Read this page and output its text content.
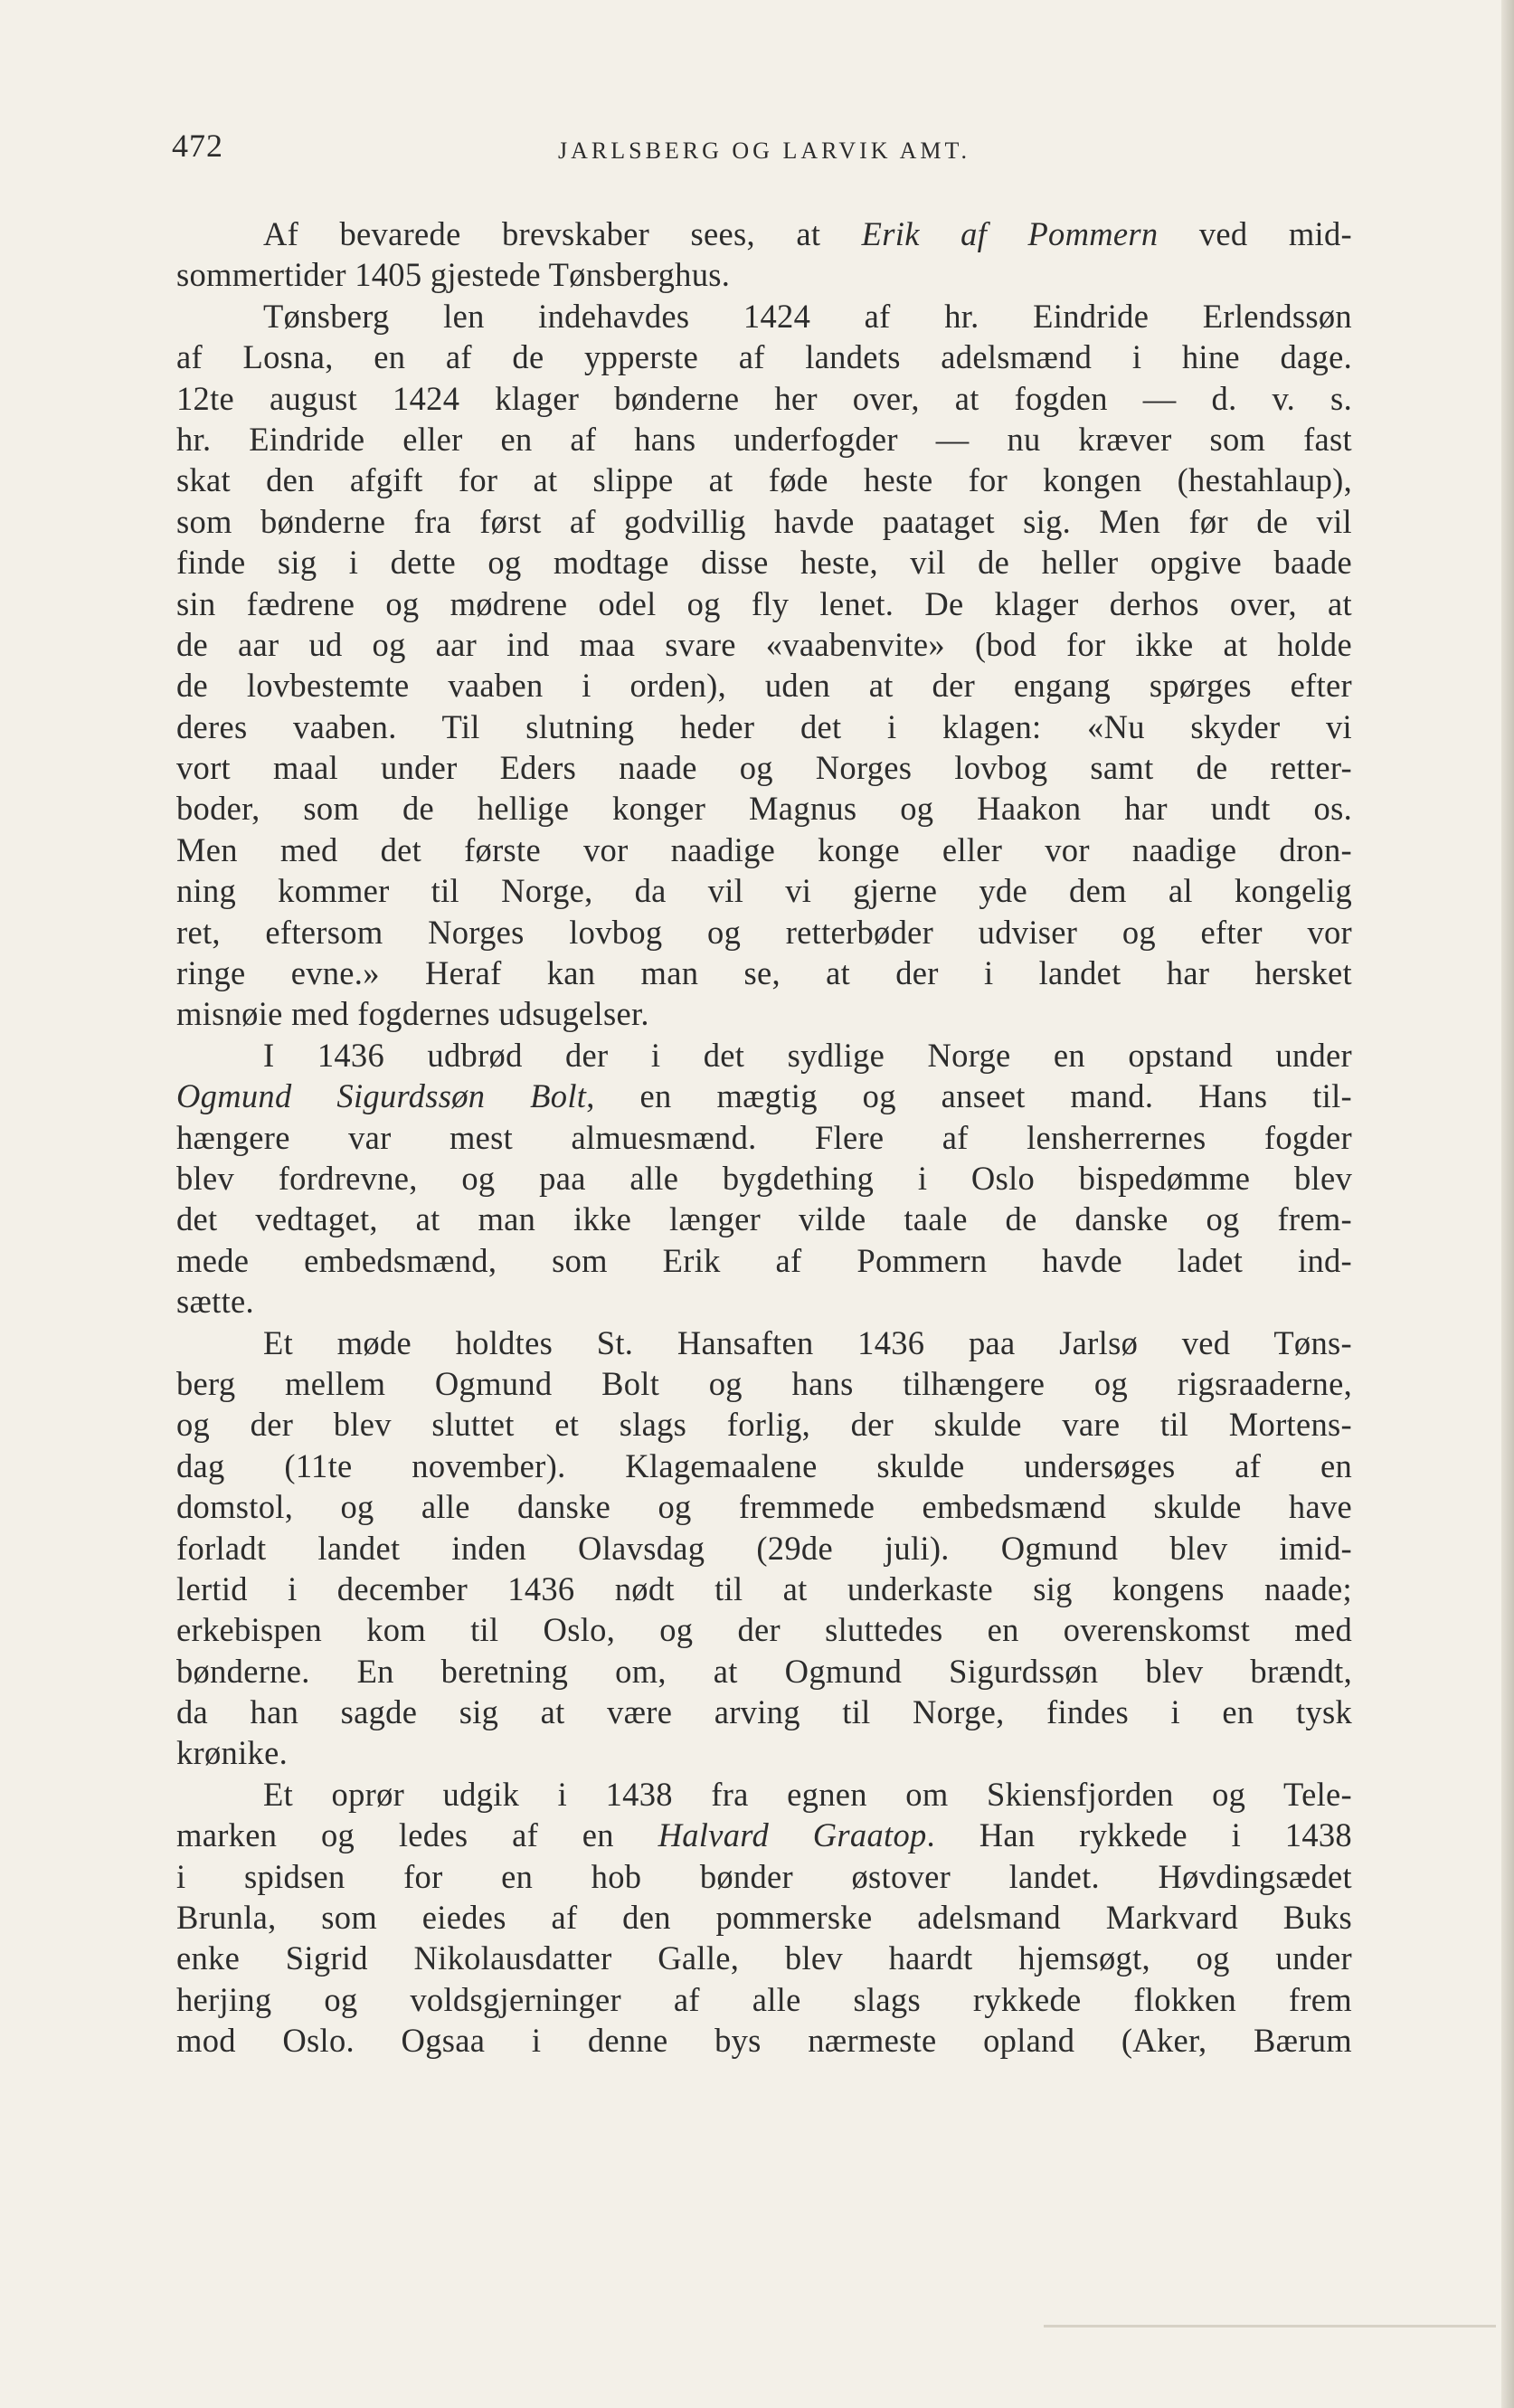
472	JARLSBERG OG LARVIK AMT.
Af bevarede brevskaber sees, at Erik af Pommern ved mid-
sommertider 1405 gjestede Tønsberghus.
Tønsberg len indehavdes 1424 af hr. Eindride Erlendssøn
af Losna, en af de ypperste af landets adelsmænd i hine dage.
12te august 1424 klager bønderne her over, at fogden — d. v. s.
hr. Eindride eller en af hans underfogder — nu kræver som fast
skat den afgift for at slippe at føde heste for kongen (hestahlaup),
som bønderne fra først af godvillig havde paataget sig. Men før de vil
finde sig i dette og modtage disse heste, vil de heller opgive baade
sin fædrene og mødrene odel og fly lenet. De klager derhos over, at
de aar ud og aar ind maa svare «vaabenvite» (bod for ikke at holde
de lovbestemte vaaben i orden), uden at der engang spørges efter
deres vaaben. Til slutning heder det i klagen: «Nu skyder vi
vort maal under Eders naade og Norges lovbog samt de retter-
boder, som de hellige konger Magnus og Haakon har undt os.
Men med det første vor naadige konge eller vor naadige dron-
ning kommer til Norge, da vil vi gjerne yde dem al kongelig
ret, eftersom Norges lovbog og retterbøder udviser og efter vor
ringe evne.» Heraf kan man se, at der i landet har hersket
misnøie med fogdernes udsugelser.
I 1436 udbrød der i det sydlige Norge en opstand under
Ogmund Sigurdssøn Bolt, en mægtig og anseet mand. Hans til-
hængere var mest almuesmænd. Flere af lensherrernes fogder
blev fordrevne, og paa alle bygdething i Oslo bispedømme blev
det vedtaget, at man ikke længer vilde taale de danske og frem-
mede embedsmænd, som Erik af Pommern havde ladet ind-
sætte.
Et møde holdtes St. Hansaften 1436 paa Jarlsø ved Tøns-
berg mellem Ogmund Bolt og hans tilhængere og rigsraaderne,
og der blev sluttet et slags forlig, der skulde vare til Mortens-
dag (11te november). Klagemaalene skulde undersøges af en
domstol, og alle danske og fremmede embedsmænd skulde have
forladt landet inden Olavsdag (29de juli). Ogmund blev imid-
lertid i december 1436 nødt til at underkaste sig kongens naade;
erkebispen kom til Oslo, og der sluttedes en overenskomst med
bønderne. En beretning om, at Ogmund Sigurdssøn blev brændt,
da han sagde sig at være arving til Norge, findes i en tysk
krønike.
Et oprør udgik i 1438 fra egnen om Skiensfjorden og Tele-
marken og ledes af en Halvard Graatop. Han rykkede i 1438
i spidsen for en hob bønder østover landet. Høvdingsædet
Brunla, som eiedes af den pommerske adelsmand Markvard Buks
enke Sigrid Nikolausdatter Galle, blev haardt hjemsøgt, og under
herjing og voldsgjerninger af alle slags rykkede flokken frem
mod Oslo. Ogsaa i denne bys nærmeste opland (Aker, Bærum
